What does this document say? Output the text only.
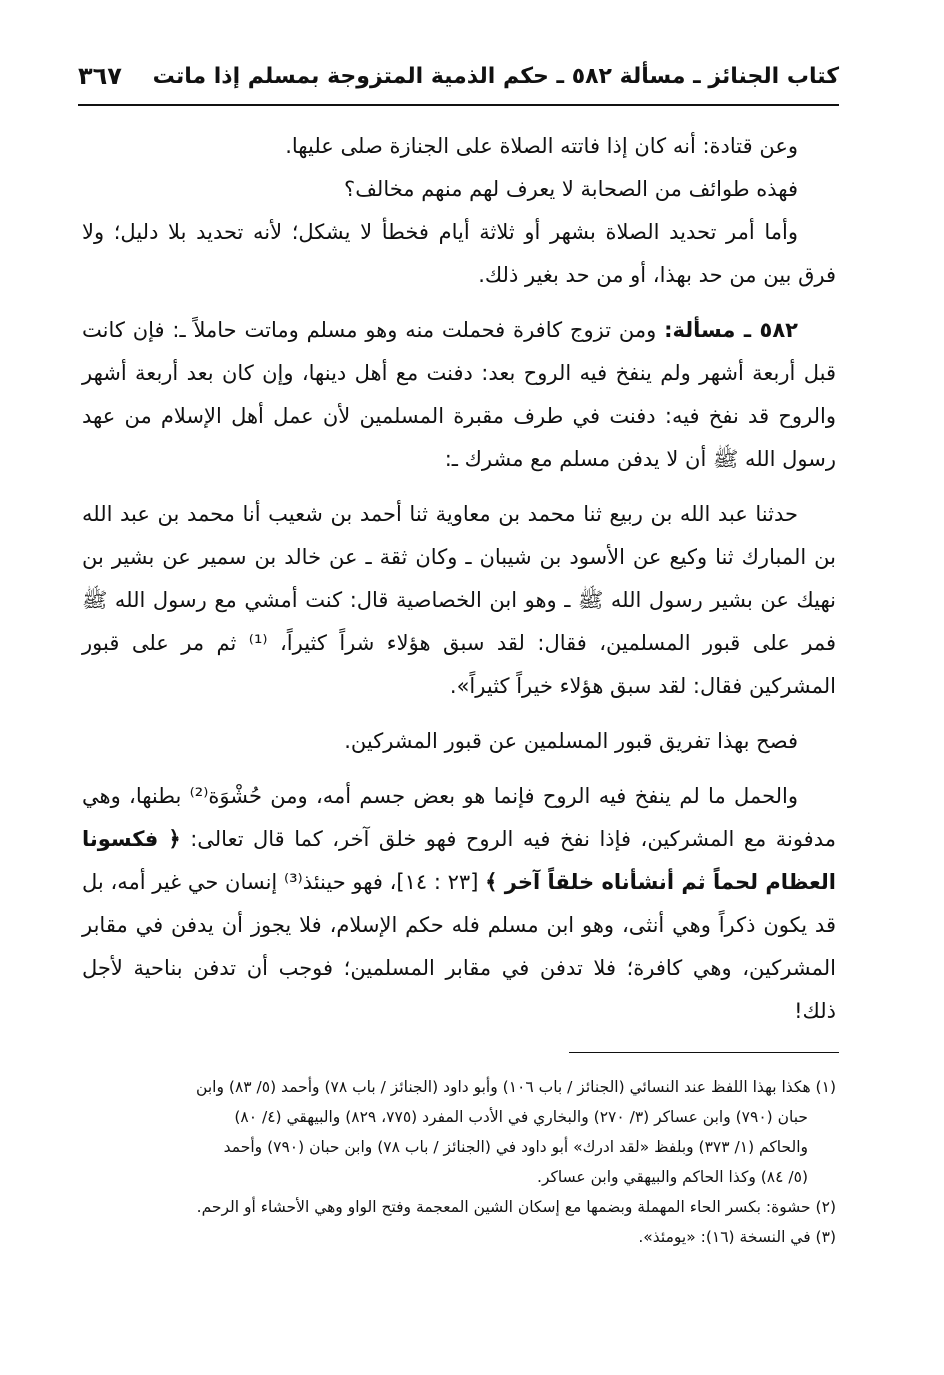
كتاب الجنائز ـ مسألة ٥٨٢ ـ حكم الذمية المتزوجة بمسلم إذا ماتت
٣٦٧

وعن قتادة: أنه كان إذا فاتته الصلاة على الجنازة صلى عليها.

فهذه طوائف من الصحابة لا يعرف لهم منهم مخالف؟

وأما أمر تحديد الصلاة بشهر أو ثلاثة أيام فخطأ لا يشكل؛ لأنه تحديد بلا دليل؛ ولا فرق بين من حد بهذا، أو من حد بغير ذلك.

٥٨٢ ـ مسألة: ومن تزوج كافرة فحملت منه وهو مسلم وماتت حاملاً ـ: فإن كانت قبل أربعة أشهر ولم ينفخ فيه الروح بعد: دفنت مع أهل دينها، وإن كان بعد أربعة أشهر والروح قد نفخ فيه: دفنت في طرف مقبرة المسلمين لأن عمل أهل الإسلام من عهد رسول الله ﷺ أن لا يدفن مسلم مع مشرك ـ:

حدثنا عبد الله بن ربيع ثنا محمد بن معاوية ثنا أحمد بن شعيب أنا محمد بن عبد الله بن المبارك ثنا وكيع عن الأسود بن شيبان ـ وكان ثقة ـ عن خالد بن سمير عن بشير بن نهيك عن بشير رسول الله ﷺ ـ وهو ابن الخصاصية قال: كنت أمشي مع رسول الله ﷺ فمر على قبور المسلمين، فقال: لقد سبق هؤلاء شراً كثيراً، ⁽¹⁾ ثم مر على قبور المشركين فقال: لقد سبق هؤلاء خيراً كثيراً».

فصح بهذا تفريق قبور المسلمين عن قبور المشركين.

والحمل ما لم ينفخ فيه الروح فإنما هو بعض جسم أمه، ومن حُشْوَة⁽²⁾ بطنها، وهي مدفونة مع المشركين، فإذا نفخ فيه الروح فهو خلق آخر، كما قال تعالى: ﴿ فكسونا العظام لحماً ثم أنشأناه خلقاً آخر ﴾ [٢٣ : ١٤]، فهو حينئذ⁽³⁾ إنسان حي غير أمه، بل قد يكون ذكراً وهي أنثى، وهو ابن مسلم فله حكم الإسلام، فلا يجوز أن يدفن في مقابر المشركين، وهي كافرة؛ فلا تدفن في مقابر المسلمين؛ فوجب أن تدفن بناحية لأجل ذلك!

(١) هكذا بهذا اللفظ عند النسائي (الجنائز / باب ١٠٦) وأبو داود (الجنائز / باب ٧٨) وأحمد (٥/ ٨٣) وابن

حبان (٧٩٠) وابن عساكر (٣/ ٢٧٠) والبخاري في الأدب المفرد (٧٧٥، ٨٢٩) والبيهقي (٤/ ٨٠)

والحاكم (١/ ٣٧٣) وبلفظ «لقد ادرك» أبو داود في (الجنائز / باب ٧٨) وابن حبان (٧٩٠) وأحمد

(٥/ ٨٤) وكذا الحاكم والبيهقي وابن عساكر.

(٢) حشوة: بكسر الحاء المهملة وبضمها مع إسكان الشين المعجمة وفتح الواو وهي الأحشاء أو الرحم.

(٣) في النسخة (١٦): «يومئذ».
